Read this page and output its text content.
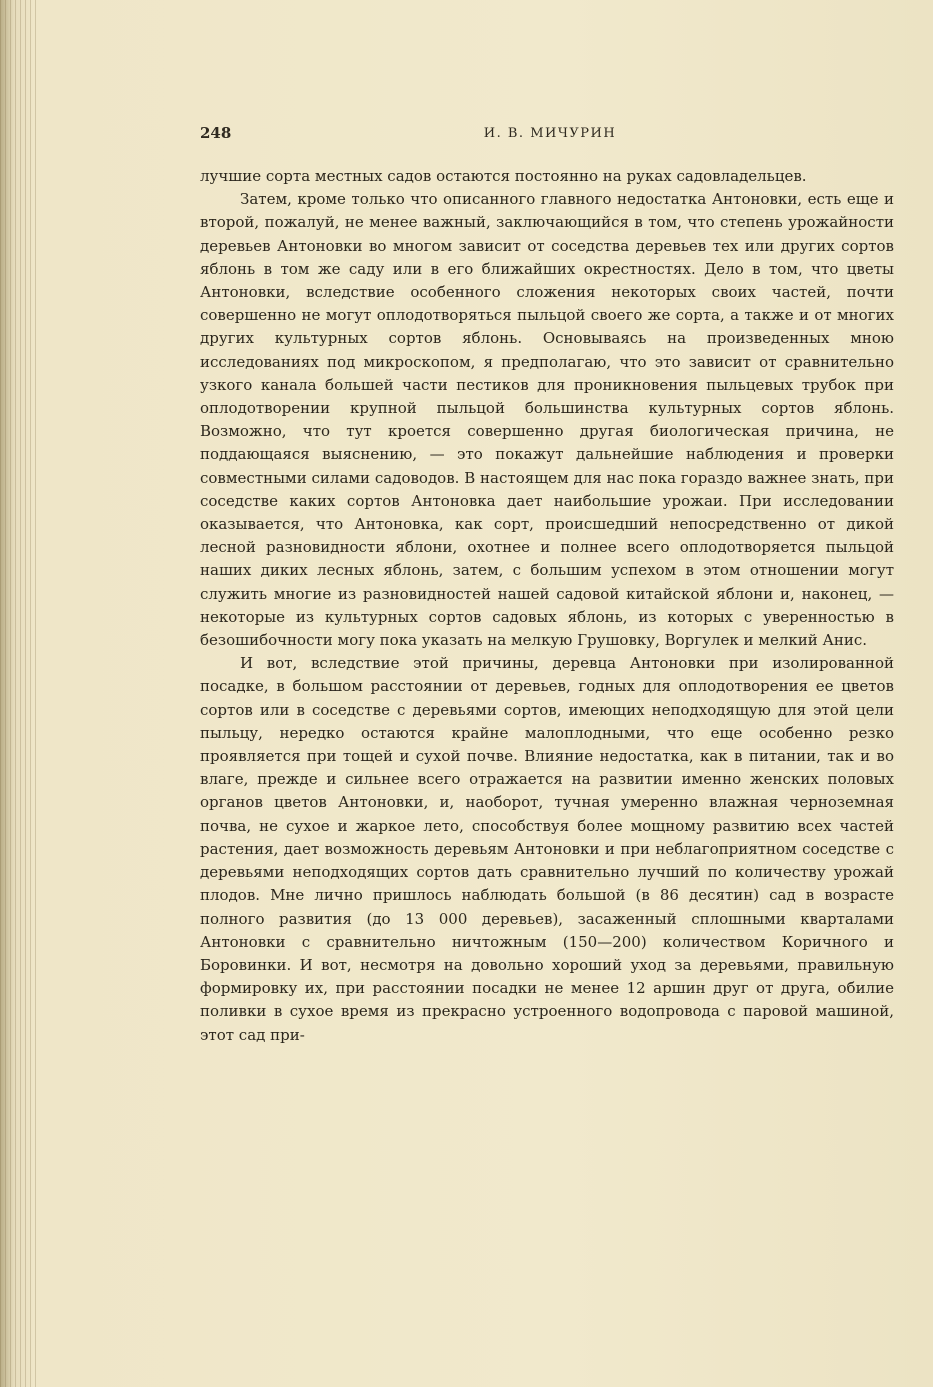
248	И. В. МИЧУРИН

лучшие сорта местных садов остаются постоянно на руках садовладельцев.

Затем, кроме только что описанного главного недостатка Антоновки, есть еще и второй, пожалуй, не менее важный, заключающийся в том, что степень урожайности деревьев Антоновки во многом зависит от соседства деревьев тех или других сортов яблонь в том же саду или в его ближайших окрестностях. Дело в том, что цветы Антоновки, вследствие особенного сложения некоторых своих частей, почти совершенно не могут оплодотворяться пыльцой своего же сорта, а также и от многих других культурных сортов яблонь. Основываясь на произведенных мною исследованиях под микроскопом, я предполагаю, что это зависит от сравнительно узкого канала большей части пестиков для проникновения пыльцевых трубок при оплодотворении крупной пыльцой большинства культурных сортов яблонь. Возможно, что тут кроется совершенно другая биологическая причина, не поддающаяся выяснению, — это покажут дальнейшие наблюдения и проверки совместными силами садоводов. В настоящем для нас пока гораздо важнее знать, при соседстве каких сортов Антоновка дает наибольшие урожаи. При исследовании оказывается, что Антоновка, как сорт, происшедший непосредственно от дикой лесной разновидности яблони, охотнее и полнее всего оплодотворяется пыльцой наших диких лесных яблонь, затем, с большим успехом в этом отношении могут служить многие из разновидностей нашей садовой китайской яблони и, наконец, — некоторые из культурных сортов садовых яблонь, из которых с уверенностью в безошибочности могу пока указать на мелкую Грушовку, Воргулек и мелкий Анис.

И вот, вследствие этой причины, деревца Антоновки при изолированной посадке, в большом расстоянии от деревьев, годных для оплодотворения ее цветов сортов или в соседстве с деревьями сортов, имеющих неподходящую для этой цели пыльцу, нередко остаются крайне малоплодными, что еще особенно резко проявляется при тощей и сухой почве. Влияние недостатка, как в питании, так и во влаге, прежде и сильнее всего отражается на развитии именно женских половых органов цветов Антоновки, и, наоборот, тучная умеренно влажная черноземная почва, не сухое и жаркое лето, способствуя более мощному развитию всех частей растения, дает возможность деревьям Антоновки и при неблагоприятном соседстве с деревьями неподходящих сортов дать сравнительно лучший по количеству урожай плодов. Мне лично пришлось наблюдать большой (в 86 десятин) сад в возрасте полного развития (до 13 000 деревьев), засаженный сплошными кварталами Антоновки с сравнительно ничтожным (150—200) количеством Коричного и Боровинки. И вот, несмотря на довольно хороший уход за деревьями, правильную формировку их, при расстоянии посадки не менее 12 аршин друг от друга, обилие поливки в сухое время из прекрасно устроенного водопровода с паровой машиной, этот сад при-
